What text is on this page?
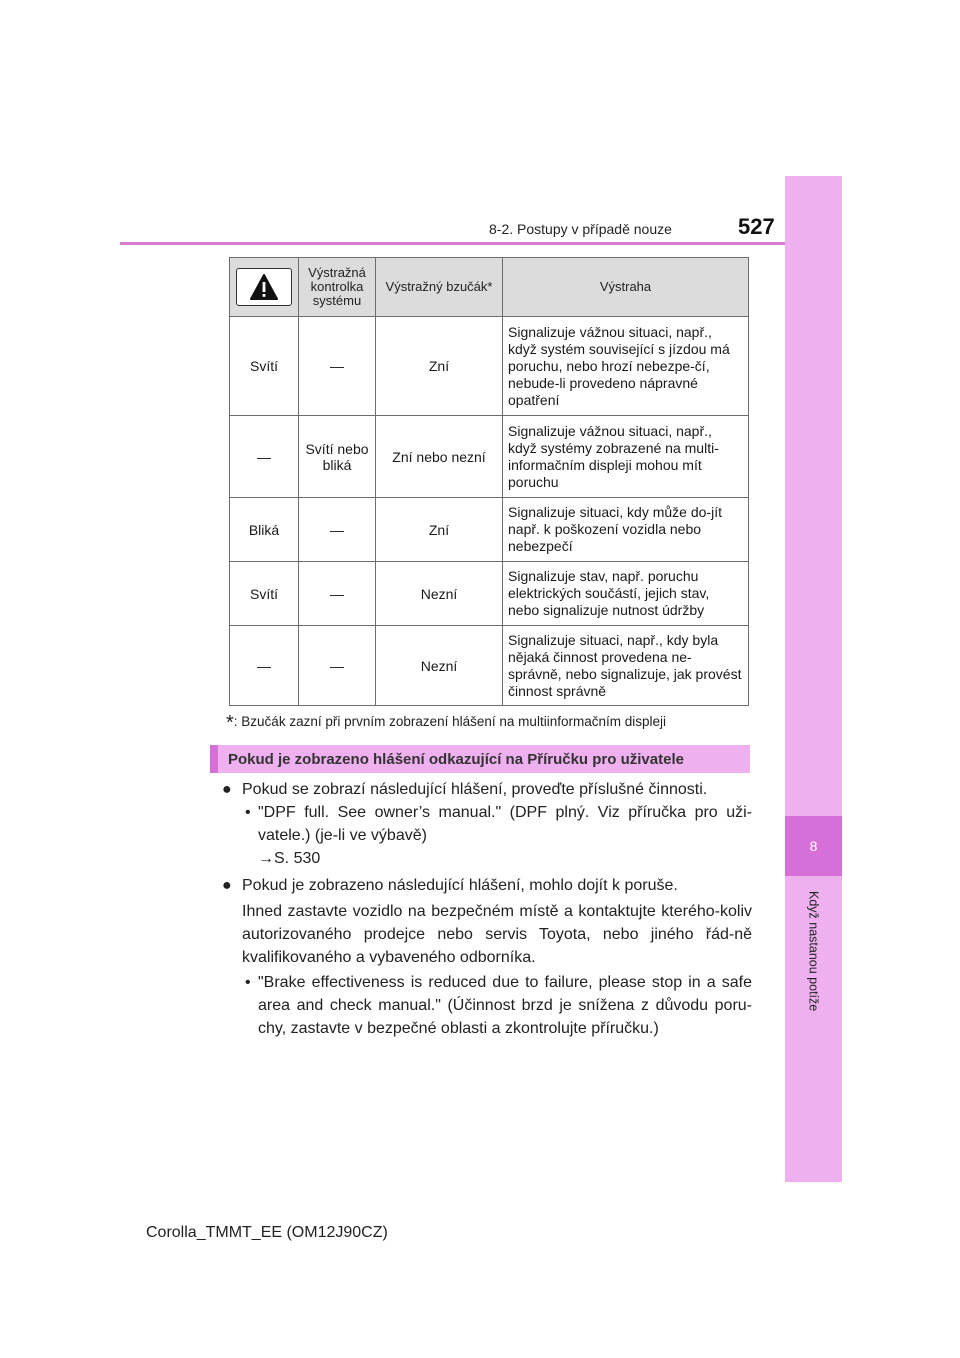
8
Když nastanou potíže
8-2. Postupy v případě nouze	527
	Výstražná kontrolka systému	Výstražný bzučák*	Výstraha
Svítí	—	Zní	Signalizuje vážnou situaci, např., když systém související s jízdou má poruchu, nebo hrozí nebezpe-čí, nebude-li provedeno nápravné opatření
—	Svítí nebo bliká	Zní nebo nezní	Signalizuje vážnou situaci, např., když systémy zobrazené na multi-informačním displeji mohou mít poruchu
Bliká	—	Zní	Signalizuje situaci, kdy může do-jít např. k poškození vozidla nebo nebezpečí
Svítí	—	Nezní	Signalizuje stav, např. poruchu elektrických součástí, jejich stav, nebo signalizuje nutnost údržby
—	—	Nezní	Signalizuje situaci, např., kdy byla nějaká činnost provedena ne-správně, nebo signalizuje, jak provést činnost správně
*: Bzučák zazní při prvním zobrazení hlášení na multiinformačním displeji
Pokud je zobrazeno hlášení odkazující na Příručku pro uživatele

● Pokud se zobrazí následující hlášení, proveďte příslušné činnosti.

• "DPF full. See owner’s manual." (DPF plný. Viz příručka pro uži-vatele.) (je-li ve výbavě)

→S. 530

● Pokud je zobrazeno následující hlášení, mohlo dojít k poruše.

Ihned zastavte vozidlo na bezpečném místě a kontaktujte kterého-koliv autorizovaného prodejce nebo servis Toyota, nebo jiného řád-ně kvalifikovaného a vybaveného odborníka.

• "Brake effectiveness is reduced due to failure, please stop in a safe area and check manual." (Účinnost brzd je snížena z důvodu poru-chy, zastavte v bezpečné oblasti a zkontrolujte příručku.)

Corolla_TMMT_EE (OM12J90CZ)
